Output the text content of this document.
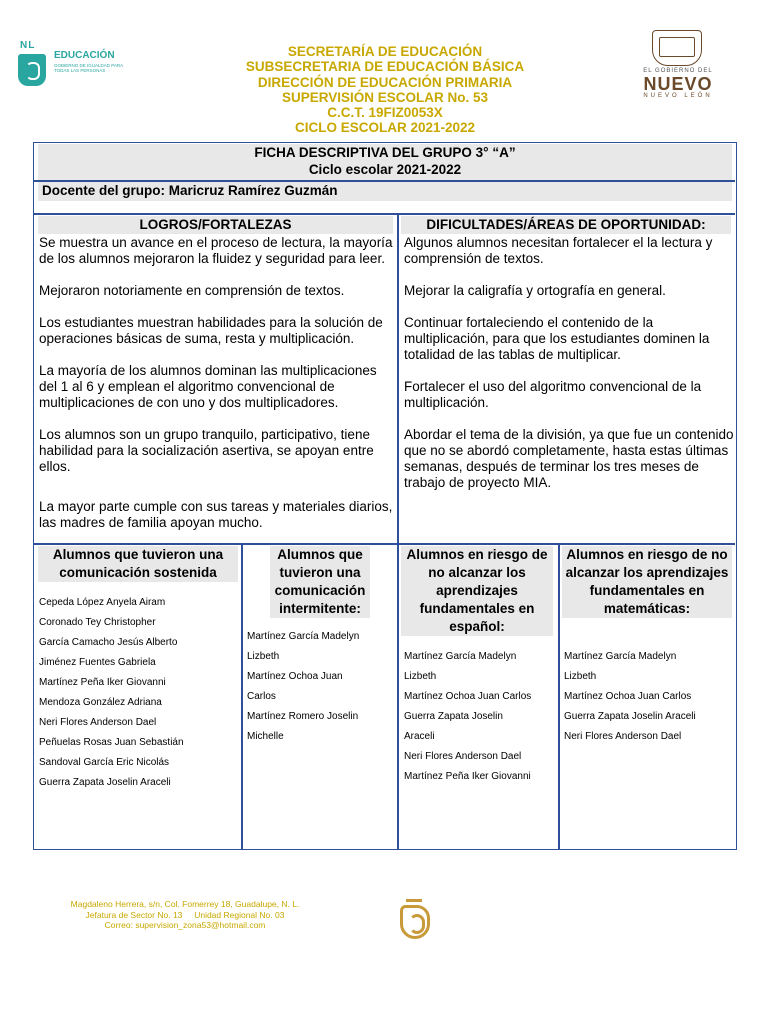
NL
EDUCACIÓN
GOBIERNO DE IGUALDAD PARA TODAS LAS PERSONAS
SECRETARÍA DE EDUCACIÓN
SUBSECRETARIA DE EDUCACIÓN BÁSICA
DIRECCIÓN DE EDUCACIÓN PRIMARIA
SUPERVISIÓN ESCOLAR No. 53
C.C.T. 19FIZ0053X
CICLO ESCOLAR 2021-2022
EL GOBIERNO DEL
NUEVO
NUEVO LEÓN
FICHA DESCRIPTIVA DEL GRUPO 3° “A”
Ciclo escolar 2021-2022
Docente del grupo: Maricruz Ramírez Guzmán
LOGROS/FORTALEZAS

Se muestra un avance en el proceso de lectura, la mayoría de los alumnos mejoraron la fluidez y seguridad para leer.

Mejoraron notoriamente en comprensión de textos.

Los estudiantes muestran habilidades para la solución de operaciones básicas de suma, resta y multiplicación.

La mayoría de los alumnos dominan las multiplicaciones del 1 al 6 y emplean el algoritmo convencional de multiplicaciones de con uno y dos multiplicadores.

Los alumnos son un grupo tranquilo, participativo, tiene habilidad para la socialización asertiva, se apoyan entre ellos.

La mayor parte cumple con sus tareas y materiales diarios, las madres de familia apoyan mucho.

DIFICULTADES/ÁREAS DE OPORTUNIDAD:

Algunos alumnos necesitan fortalecer el la lectura y comprensión de textos.

Mejorar la caligrafía y ortografía en general.

Continuar fortaleciendo el contenido de la multiplicación, para que los estudiantes dominen la totalidad de las tablas de multiplicar.

Fortalecer el uso del algoritmo convencional de la multiplicación.

Abordar el tema de la división, ya que fue un contenido que no se abordó completamente, hasta estas últimas semanas, después de terminar los tres meses de trabajo de proyecto MIA.

Alumnos que tuvieron una comunicación sostenida
Cepeda López Anyela Airam
Coronado Tey Christopher
García Camacho Jesús Alberto
Jiménez Fuentes Gabriela
Martínez Peña Iker Giovanni
Mendoza González Adriana
Neri Flores Anderson Dael
Peñuelas Rosas Juan Sebastián
Sandoval García Eric Nicolás
Guerra Zapata Joselin Araceli
Alumnos que tuvieron una comunicación intermitente:
Martínez García Madelyn
Lizbeth
Martínez Ochoa Juan
Carlos
Martínez Romero Joselin
Michelle
Alumnos en riesgo de no alcanzar los aprendizajes fundamentales en español:
Martínez García Madelyn
Lizbeth
Martínez Ochoa Juan Carlos
Guerra Zapata Joselin
Araceli
Neri Flores Anderson Dael
Martínez Peña Iker Giovanni
Alumnos en riesgo de no alcanzar los aprendizajes fundamentales en matemáticas:
Martínez García Madelyn
Lizbeth
Martínez Ochoa Juan Carlos
Guerra Zapata Joselin Araceli
Neri Flores Anderson Dael
Magdaleno Herrera, s/n, Col. Fomerrey 18, Guadalupe, N. L.
Jefatura de Sector No. 13     Unidad Regional No. 03
Correo: supervision_zona53@hotmail.com
